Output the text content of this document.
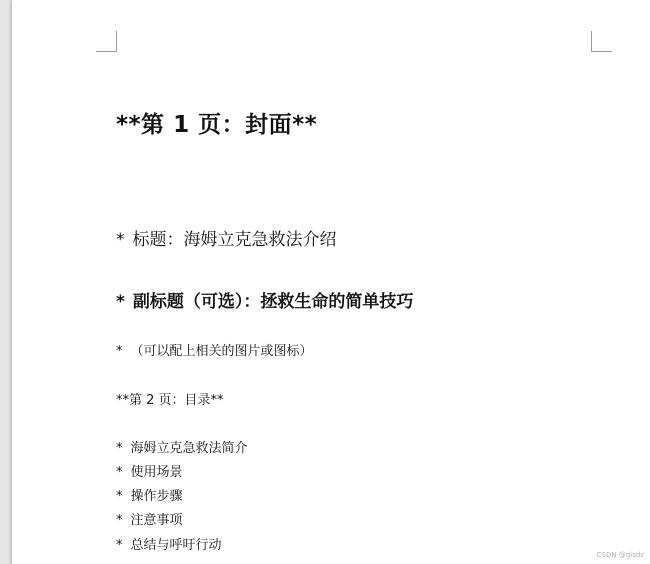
**第 1 页：封面**
* 标题：海姆立克急救法介绍
* 副标题（可选）：拯救生命的简单技巧
* （可以配上相关的图片或图标）
**第 2 页：目录**
* 海姆立克急救法简介
* 使用场景
* 操作步骤
* 注意事项
* 总结与呼吁行动
CSDN @gisdz
